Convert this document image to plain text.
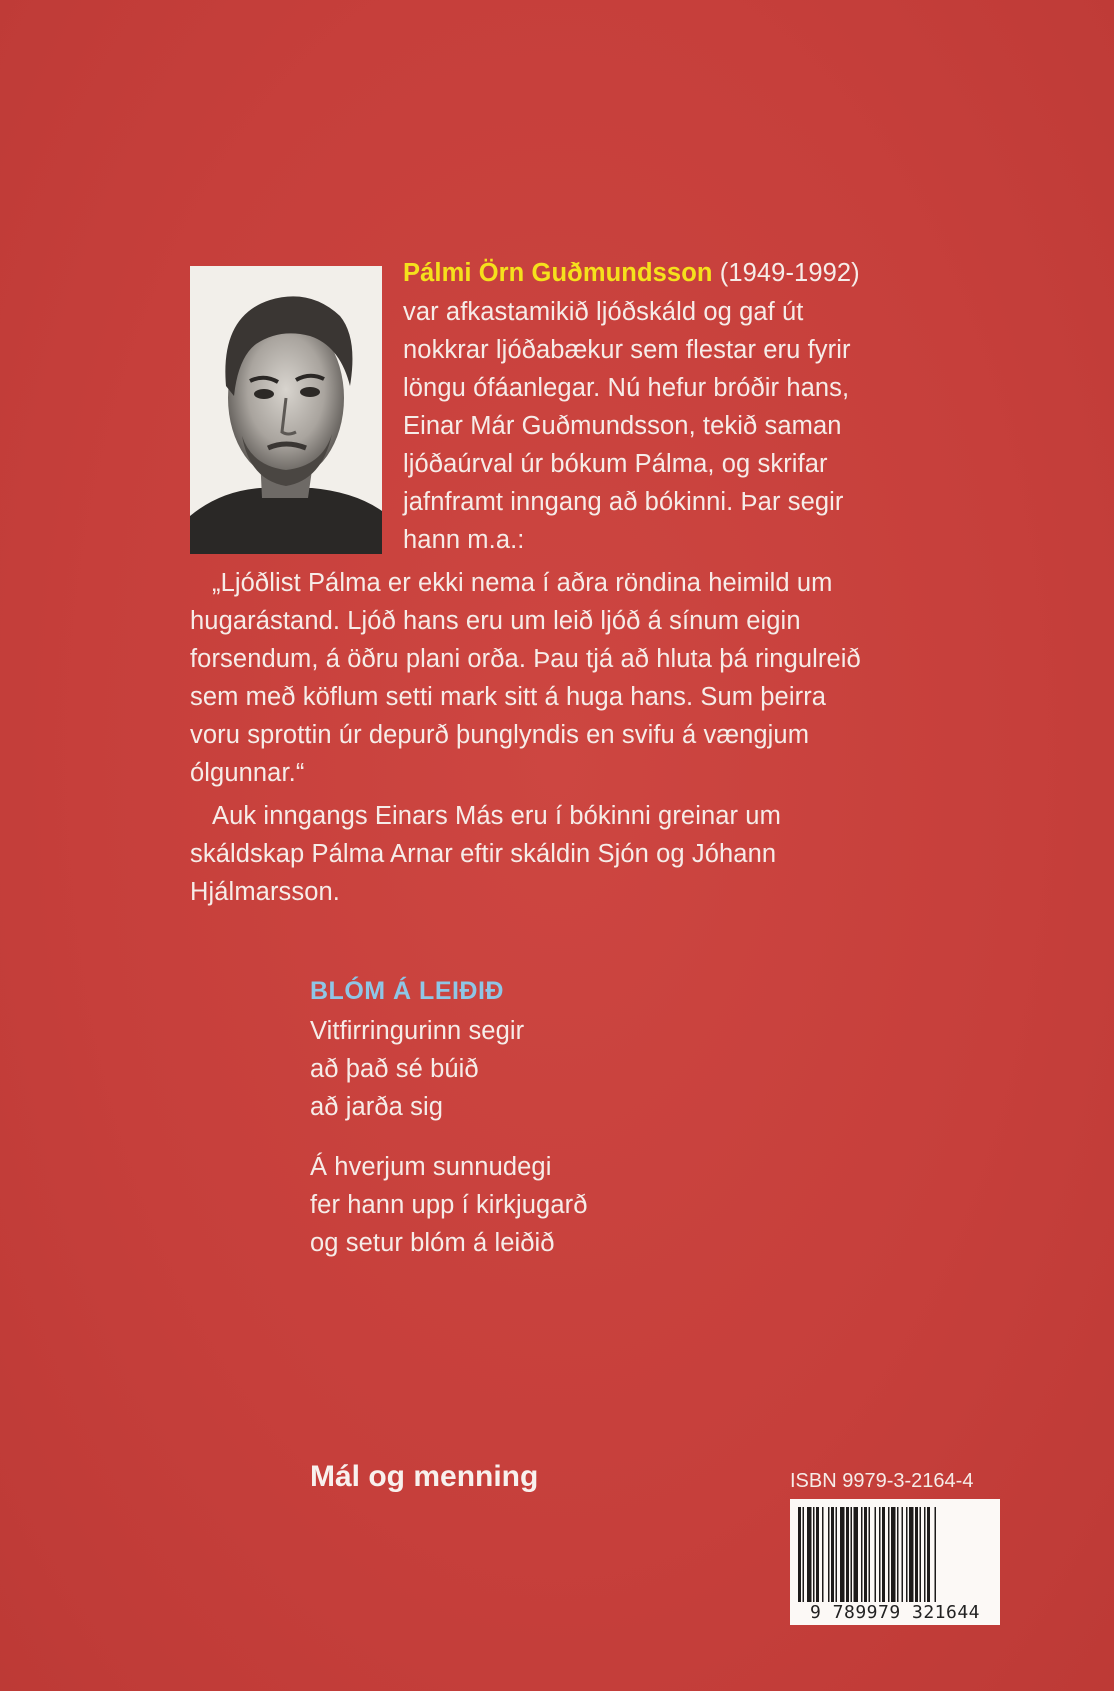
Pálmi Örn Guðmundsson (1949-1992)
var afkastamikið ljóðskáld og gaf út
nokkrar ljóðabækur sem flestar eru fyrir
löngu ófáanlegar. Nú hefur bróðir hans,
Einar Már Guðmundsson, tekið saman
ljóðaúrval úr bókum Pálma, og skrifar
jafnframt inngang að bókinni. Þar segir
hann m.a.:
„Ljóðlist Pálma er ekki nema í aðra röndina heimild um
hugarástand. Ljóð hans eru um leið ljóð á sínum eigin
forsendum, á öðru plani orða. Þau tjá að hluta þá ringulreið
sem með köflum setti mark sitt á huga hans. Sum þeirra
voru sprottin úr depurð þunglyndis en svifu á vængjum
ólgunnar.“
Auk inngangs Einars Más eru í bókinni greinar um
skáldskap Pálma Arnar eftir skáldin Sjón og Jóhann
Hjálmarsson.
BLÓM Á LEIÐIÐ
Vitfirringurinn segir
að það sé búið
að jarða sig
Á hverjum sunnudegi
fer hann upp í kirkjugarð
og setur blóm á leiðið
Mál og menning	ISBN 9979-3-2164-4
9 789979 321644
